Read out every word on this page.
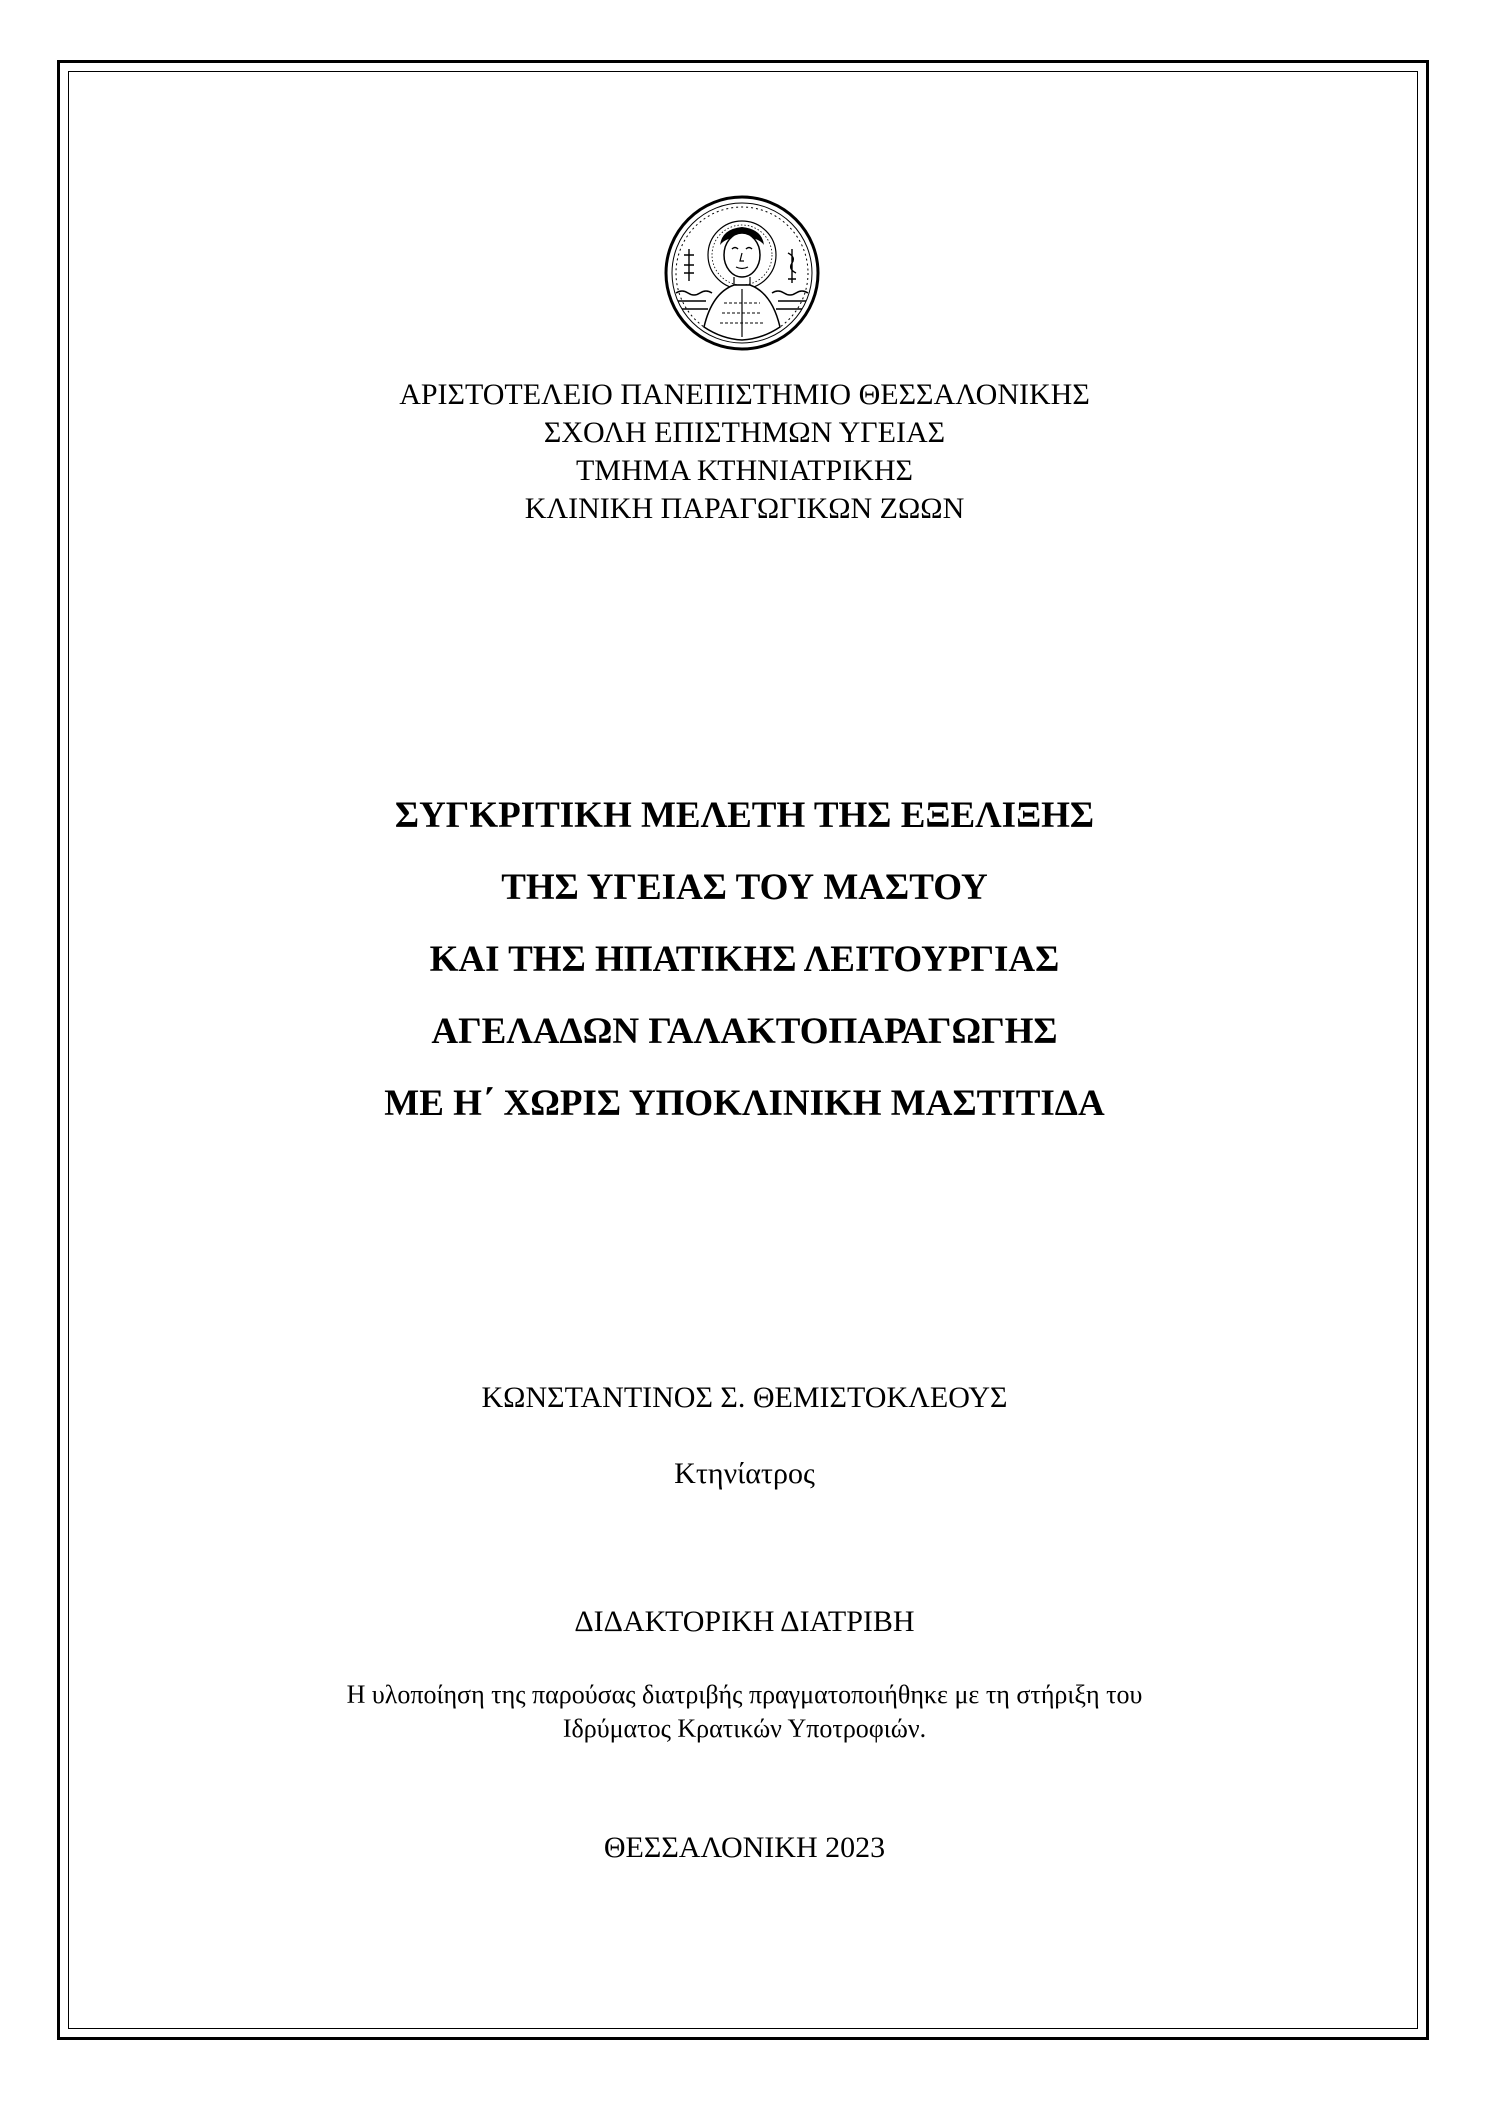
ΑΡΙΣΤΟΤΕΛΕΙΟ ΠΑΝΕΠΙΣΤΗΜΙΟ ΘΕΣΣΑΛΟΝΙΚΗΣ
ΣΧΟΛΗ ΕΠΙΣΤΗΜΩΝ ΥΓΕΙΑΣ
ΤΜΗΜΑ ΚΤΗΝΙΑΤΡΙΚΗΣ
ΚΛΙΝΙΚΗ ΠΑΡΑΓΩΓΙΚΩΝ ΖΩΩΝ
ΣΥΓΚΡΙΤΙΚΗ ΜΕΛΕΤΗ ΤΗΣ ΕΞΕΛΙΞΗΣ
ΤΗΣ ΥΓΕΙΑΣ ΤΟΥ ΜΑΣΤΟΥ
ΚΑΙ ΤΗΣ ΗΠΑΤΙΚΗΣ ΛΕΙΤΟΥΡΓΙΑΣ
ΑΓΕΛΑΔΩΝ ΓΑΛΑΚΤΟΠΑΡΑΓΩΓΗΣ
ΜΕ Η΄ ΧΩΡΙΣ ΥΠΟΚΛΙΝΙΚΗ ΜΑΣΤΙΤΙΔΑ
ΚΩΝΣΤΑΝΤΙΝΟΣ Σ. ΘΕΜΙΣΤΟΚΛΕΟΥΣ
Κτηνίατρος
ΔΙΔΑΚΤΟΡΙΚΗ ΔΙΑΤΡΙΒΗ
Η υλοποίηση της παρούσας διατριβής πραγματοποιήθηκε με τη στήριξη του
Ιδρύματος Κρατικών Υποτροφιών.
ΘΕΣΣΑΛΟΝΙΚΗ 2023
